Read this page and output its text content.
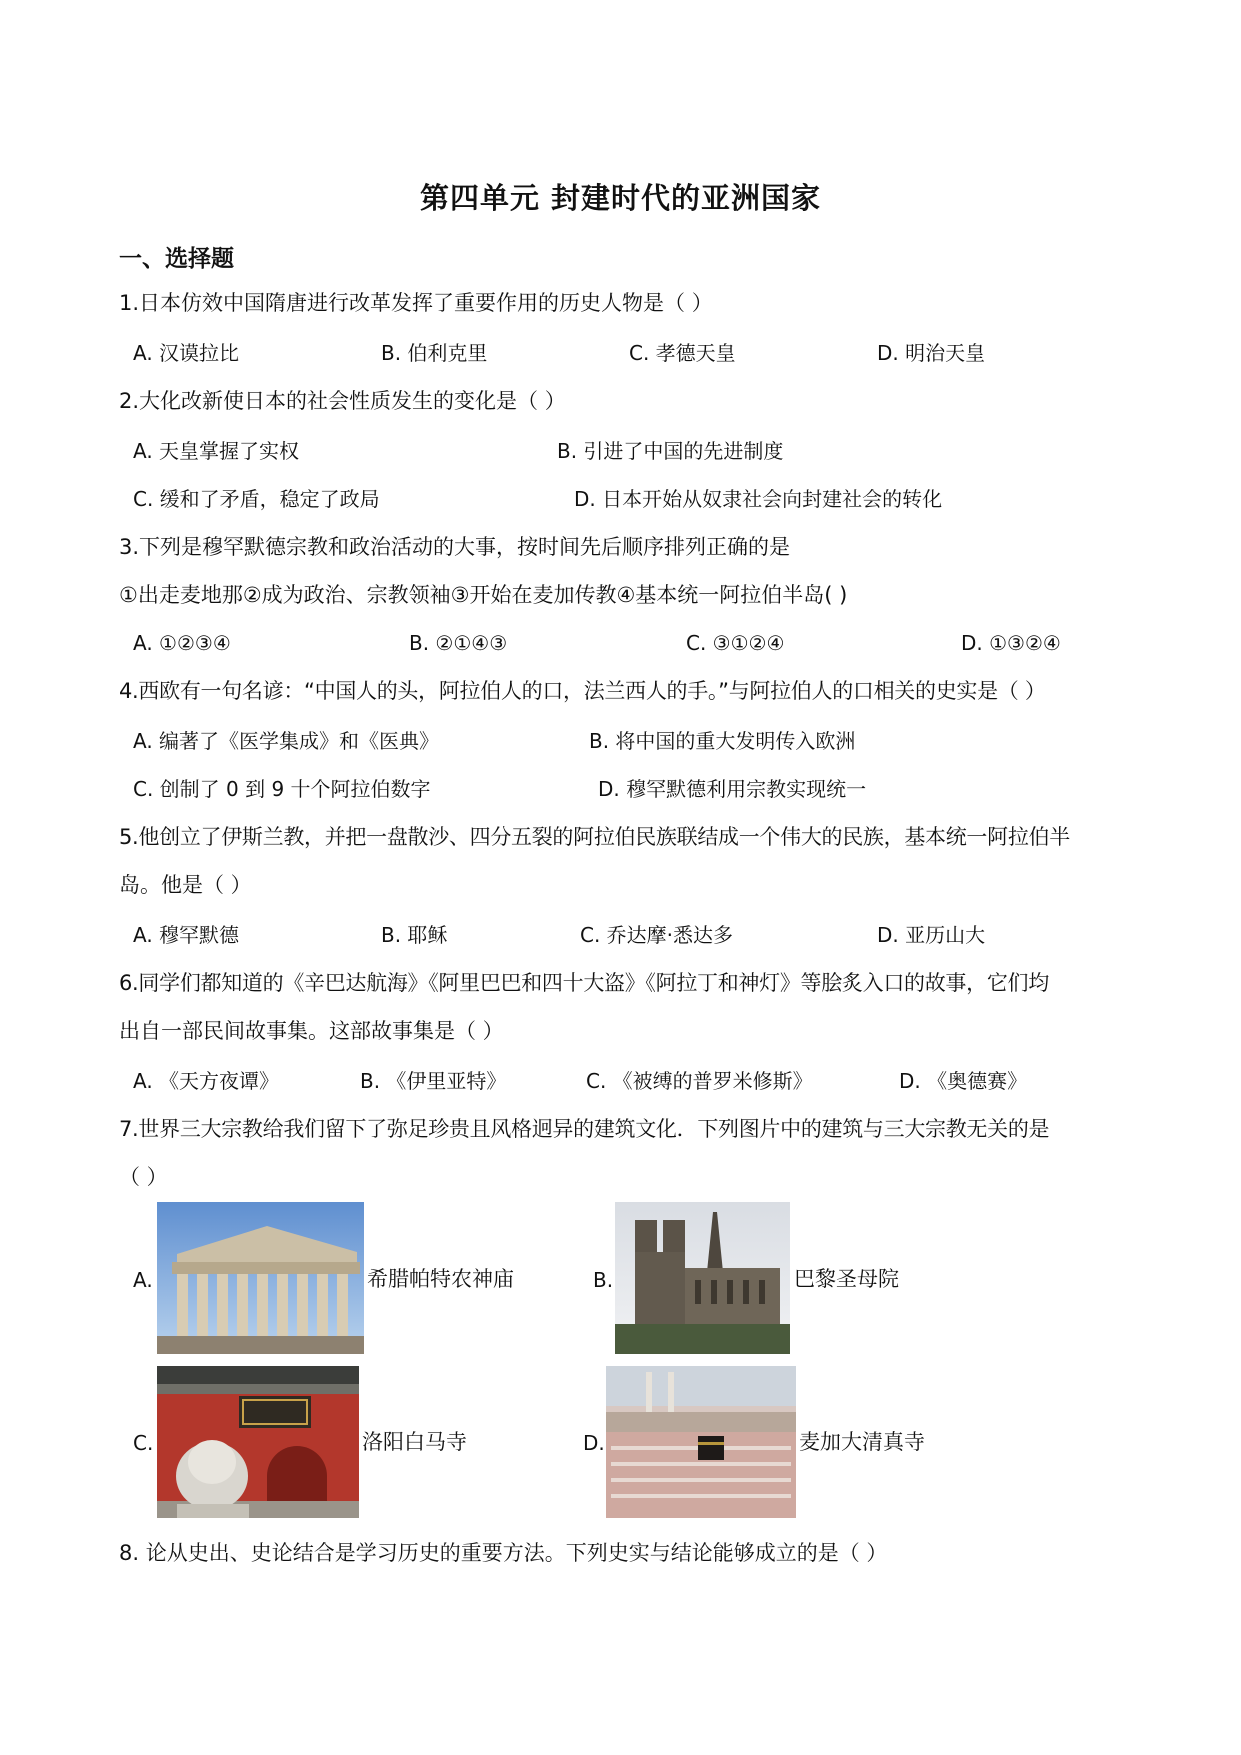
第四单元 封建时代的亚洲国家
一、选择题
1.日本仿效中国隋唐进行改革发挥了重要作用的历史人物是（ ）
A. 汉谟拉比	B. 伯利克里	C. 孝德天皇	D. 明治天皇
2.大化改新使日本的社会性质发生的变化是（ ）
A. 天皇掌握了实权	B. 引进了中国的先进制度
C. 缓和了矛盾，稳定了政局	D. 日本开始从奴隶社会向封建社会的转化
3.下列是穆罕默德宗教和政治活动的大事，按时间先后顺序排列正确的是
①出走麦地那②成为政治、宗教领袖③开始在麦加传教④基本统一阿拉伯半岛( )
A. ①②③④	B. ②①④③	C. ③①②④	D. ①③②④
4.西欧有一句名谚：“中国人的头，阿拉伯人的口，法兰西人的手。”与阿拉伯人的口相关的史实是（ ）
A. 编著了《医学集成》和《医典》	B. 将中国的重大发明传入欧洲
C. 创制了 0 到 9 十个阿拉伯数字	D. 穆罕默德利用宗教实现统一
5.他创立了伊斯兰教，并把一盘散沙、四分五裂的阿拉伯民族联结成一个伟大的民族，基本统一阿拉伯半
岛。他是（ ）
A. 穆罕默德	B. 耶稣	C. 乔达摩·悉达多	D. 亚历山大
6.同学们都知道的《辛巴达航海》《阿里巴巴和四十大盗》《阿拉丁和神灯》等脍炙入口的故事，它们均
出自一部民间故事集。这部故事集是（ ）
A. 《天方夜谭》	B. 《伊里亚特》	C. 《被缚的普罗米修斯》	D. 《奥德赛》
7.世界三大宗教给我们留下了弥足珍贵且风格迥异的建筑文化．下列图片中的建筑与三大宗教无关的是
（ ）
A.	希腊帕特农神庙	B.	巴黎圣母院
C.	洛阳白马寺	D.	麦加大清真寺
8. 论从史出、史论结合是学习历史的重要方法。下列史实与结论能够成立的是（ ）
